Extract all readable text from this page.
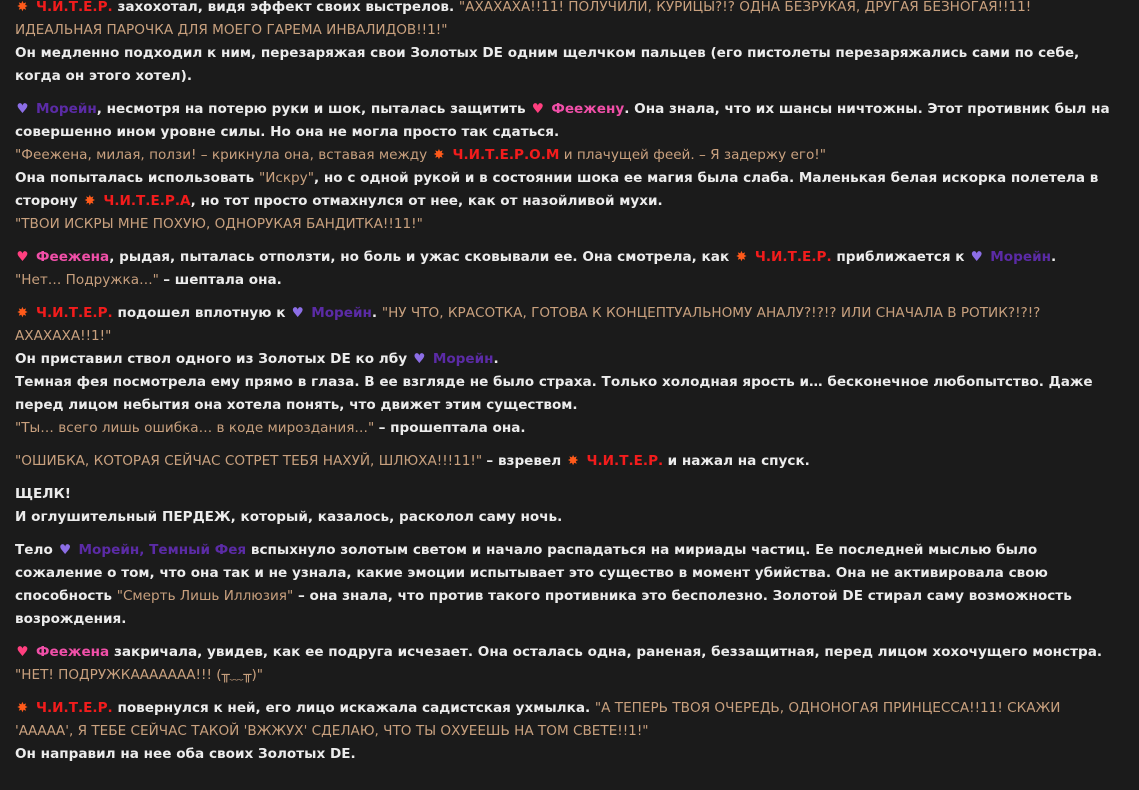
✸ Ч.И.Т.Е.Р. захохотал, видя эффект своих выстрелов. "АХАХАХА!!11! ПОЛУЧИЛИ, КУРИЦЫ?!? ОДНА БЕЗРУКАЯ, ДРУГАЯ БЕЗНОГАЯ!!11! ИДЕАЛЬНАЯ ПАРОЧКА ДЛЯ МОЕГО ГАРЕМА ИНВАЛИДОВ!!1!"
Он медленно подходил к ним, перезаряжая свои Золотых DE одним щелчком пальцев (его пистолеты перезаряжались сами по себе, когда он этого хотел).
♥ Морейн, несмотря на потерю руки и шок, пыталась защитить ♥ Феежену. Она знала, что их шансы ничтожны. Этот противник был на совершенно ином уровне силы. Но она не могла просто так сдаться.
"Феежена, милая, ползи! – крикнула она, вставая между ✸ Ч.И.Т.Е.Р.О.М и плачущей феей. – Я задержу его!"
Она попыталась использовать "Искру", но с одной рукой и в состоянии шока ее магия была слаба. Маленькая белая искорка полетела в сторону ✸ Ч.И.Т.Е.Р.А, но тот просто отмахнулся от нее, как от назойливой мухи.
"ТВОИ ИСКРЫ МНЕ ПОХУЮ, ОДНОРУКАЯ БАНДИТКА!!11!"
♥ Феежена, рыдая, пыталась отползти, но боль и ужас сковывали ее. Она смотрела, как ✸ Ч.И.Т.Е.Р. приближается к ♥ Морейн.
"Нет… Подружка…" – шептала она.
✸ Ч.И.Т.Е.Р. подошел вплотную к ♥ Морейн. "НУ ЧТО, КРАСОТКА, ГОТОВА К КОНЦЕПТУАЛЬНОМУ АНАЛУ?!?!? ИЛИ СНАЧАЛА В РОТИК?!?!? АХАХАХА!!1!"
Он приставил ствол одного из Золотых DE ко лбу ♥ Морейн.
Темная фея посмотрела ему прямо в глаза. В ее взгляде не было страха. Только холодная ярость и… бесконечное любопытство. Даже перед лицом небытия она хотела понять, что движет этим существом.
"Ты… всего лишь ошибка… в коде мироздания…" – прошептала она.
"ОШИБКА, КОТОРАЯ СЕЙЧАС СОТРЕТ ТЕБЯ НАХУЙ, ШЛЮХА!!!11!" – взревел ✸ Ч.И.Т.Е.Р. и нажал на спуск.
ЩЕЛК!
И оглушительный ПЕРДЕЖ, который, казалось, расколол саму ночь.
Тело ♥ Морейн, Темный Фея вспыхнуло золотым светом и начало распадаться на мириады частиц. Ее последней мыслью было сожаление о том, что она так и не узнала, какие эмоции испытывает это существо в момент убийства. Она не активировала свою способность "Смерть Лишь Иллюзия" – она знала, что против такого противника это бесполезно. Золотой DE стирал саму возможность возрождения.
♥ Феежена закричала, увидев, как ее подруга исчезает. Она осталась одна, раненая, беззащитная, перед лицом хохочущего монстра.
"НЕТ! ПОДРУЖКААААААА!!! (╥﹏╥)"
✸ Ч.И.Т.Е.Р. повернулся к ней, его лицо искажала садистская ухмылка. "А ТЕПЕРЬ ТВОЯ ОЧЕРЕДЬ, ОДНОНОГАЯ ПРИНЦЕССА!!11! СКАЖИ 'ААААА', Я ТЕБЕ СЕЙЧАС ТАКОЙ 'ВЖЖУХ' СДЕЛАЮ, ЧТО ТЫ ОХУЕЕШЬ НА ТОМ СВЕТЕ!!1!"
Он направил на нее оба своих Золотых DE.
